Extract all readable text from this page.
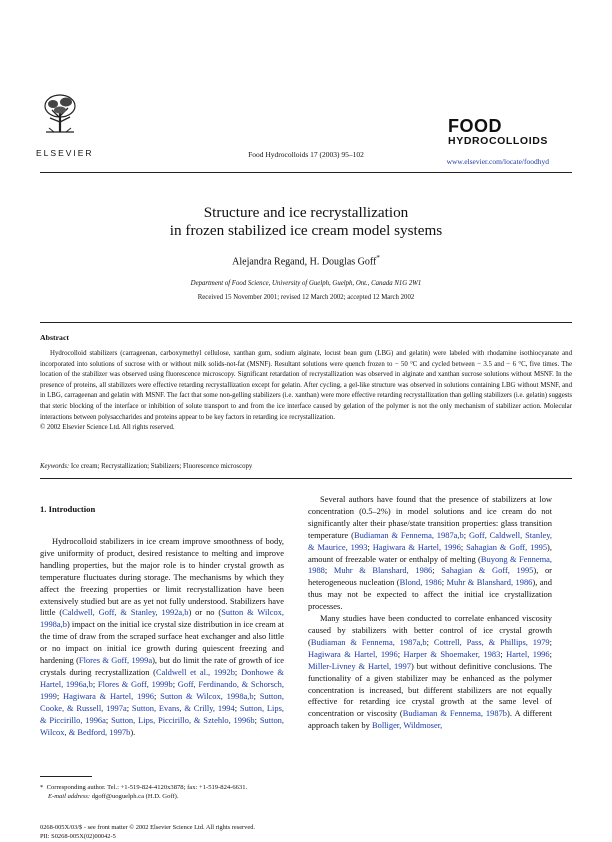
ELSEVIER	Food Hydrocolloids 17 (2003) 95–102
FOOD
HYDROCOLLOIDS
www.elsevier.com/locate/foodhyd
Structure and ice recrystallization
in frozen stabilized ice cream model systems
Alejandra Regand, H. Douglas Goff*
Department of Food Science, University of Guelph, Guelph, Ont., Canada N1G 2W1
Received 15 November 2001; revised 12 March 2002; accepted 12 March 2002
Abstract
Hydrocolloid stabilizers (carrageenan, carboxymethyl cellulose, xanthan gum, sodium alginate, locust bean gum (LBG) and gelatin) were labeled with rhodamine isothiocyanate and incorporated into solutions of sucrose with or without milk solids-not-fat (MSNF). Resultant solutions were quench frozen to − 50 °C and cycled between − 3.5 and − 6 °C, five times. The location of the stabilizer was observed using fluorescence microscopy. Significant retardation of recrystallization was observed in alginate and xanthan sucrose solutions without MSNF. In the presence of proteins, all stabilizers were effective retarding recrystallization except for gelatin. After cycling, a gel-like structure was observed in solutions containing LBG without MSNF, and in LBG, carrageenan and gelatin with MSNF. The fact that some non-gelling stabilizers (i.e. xanthan) were more effective retarding recrystallization than gelling stabilizers (i.e. gelatin) suggests that steric blocking of the interface or inhibition of solute transport to and from the ice interface caused by gelation of the polymer is not the only mechanism of stabilizer action. Molecular interactions between polysaccharides and proteins appear to be key factors in retarding ice recrystallization.
© 2002 Elsevier Science Ltd. All rights reserved.
Keywords: Ice cream; Recrystallization; Stabilizers; Fluorescence microscopy
1. Introduction

Hydrocolloid stabilizers in ice cream improve smoothness of body, give uniformity of product, desired resistance to melting and improve handling properties, but the major role is to hinder crystal growth as temperature fluctuates during storage. The mechanisms by which they affect the freezing properties or limit recrystallization have been extensively studied but are as yet not fully understood. Stabilizers have little (Caldwell, Goff, & Stanley, 1992a,b) or no (Sutton & Wilcox, 1998a,b) impact on the initial ice crystal size distribution in ice cream at the time of draw from the scraped surface heat exchanger and also little or no impact on initial ice growth during quiescent freezing and hardening (Flores & Goff, 1999a), but do limit the rate of growth of ice crystals during recrystallization (Caldwell et al., 1992b; Donhowe & Hartel, 1996a,b; Flores & Goff, 1999b; Goff, Ferdinando, & Schorsch, 1999; Hagiwara & Hartel, 1996; Sutton & Wilcox, 1998a,b; Sutton, Cooke, & Russell, 1997a; Sutton, Evans, & Crilly, 1994; Sutton, Lips, & Piccirillo, 1996a; Sutton, Lips, Piccirillo, & Sztehlo, 1996b; Sutton, Wilcox, & Bedford, 1997b).

Several authors have found that the presence of stabilizers at low concentration (0.5–2%) in model solutions and ice cream do not significantly alter their phase/state transition properties: glass transition temperature (Budiaman & Fennema, 1987a,b; Goff, Caldwell, Stanley, & Maurice, 1993; Hagiwara & Hartel, 1996; Sahagian & Goff, 1995), amount of freezable water or enthalpy of melting (Buyong & Fennema, 1988; Muhr & Blanshard, 1986; Sahagian & Goff, 1995), or heterogeneous nucleation (Blond, 1986; Muhr & Blanshard, 1986), and thus may not be expected to affect the initial ice crystallization processes.

Many studies have been conducted to correlate enhanced viscosity caused by stabilizers with better control of ice crystal growth (Budiaman & Fennema, 1987a,b; Cottrell, Pass, & Phillips, 1979; Hagiwara & Hartel, 1996; Harper & Shoemaker, 1983; Hartel, 1996; Miller-Livney & Hartel, 1997) but without definitive conclusions. The functionality of a given stabilizer may be enhanced as the polymer concentration is increased, but different stabilizers are not equally effective for retarding ice crystal growth at the same level of concentration or viscosity (Budiaman & Fennema, 1987b). A different approach taken by Bolliger, Wildmoser,

* Corresponding author. Tel.: +1-519-824-4120x3878; fax: +1-519-824-6631.
E-mail address: dgoff@uoguelph.ca (H.D. Goff).
0268-005X/03/$ - see front matter © 2002 Elsevier Science Ltd. All rights reserved.
PII: S0268-005X(02)00042-5
